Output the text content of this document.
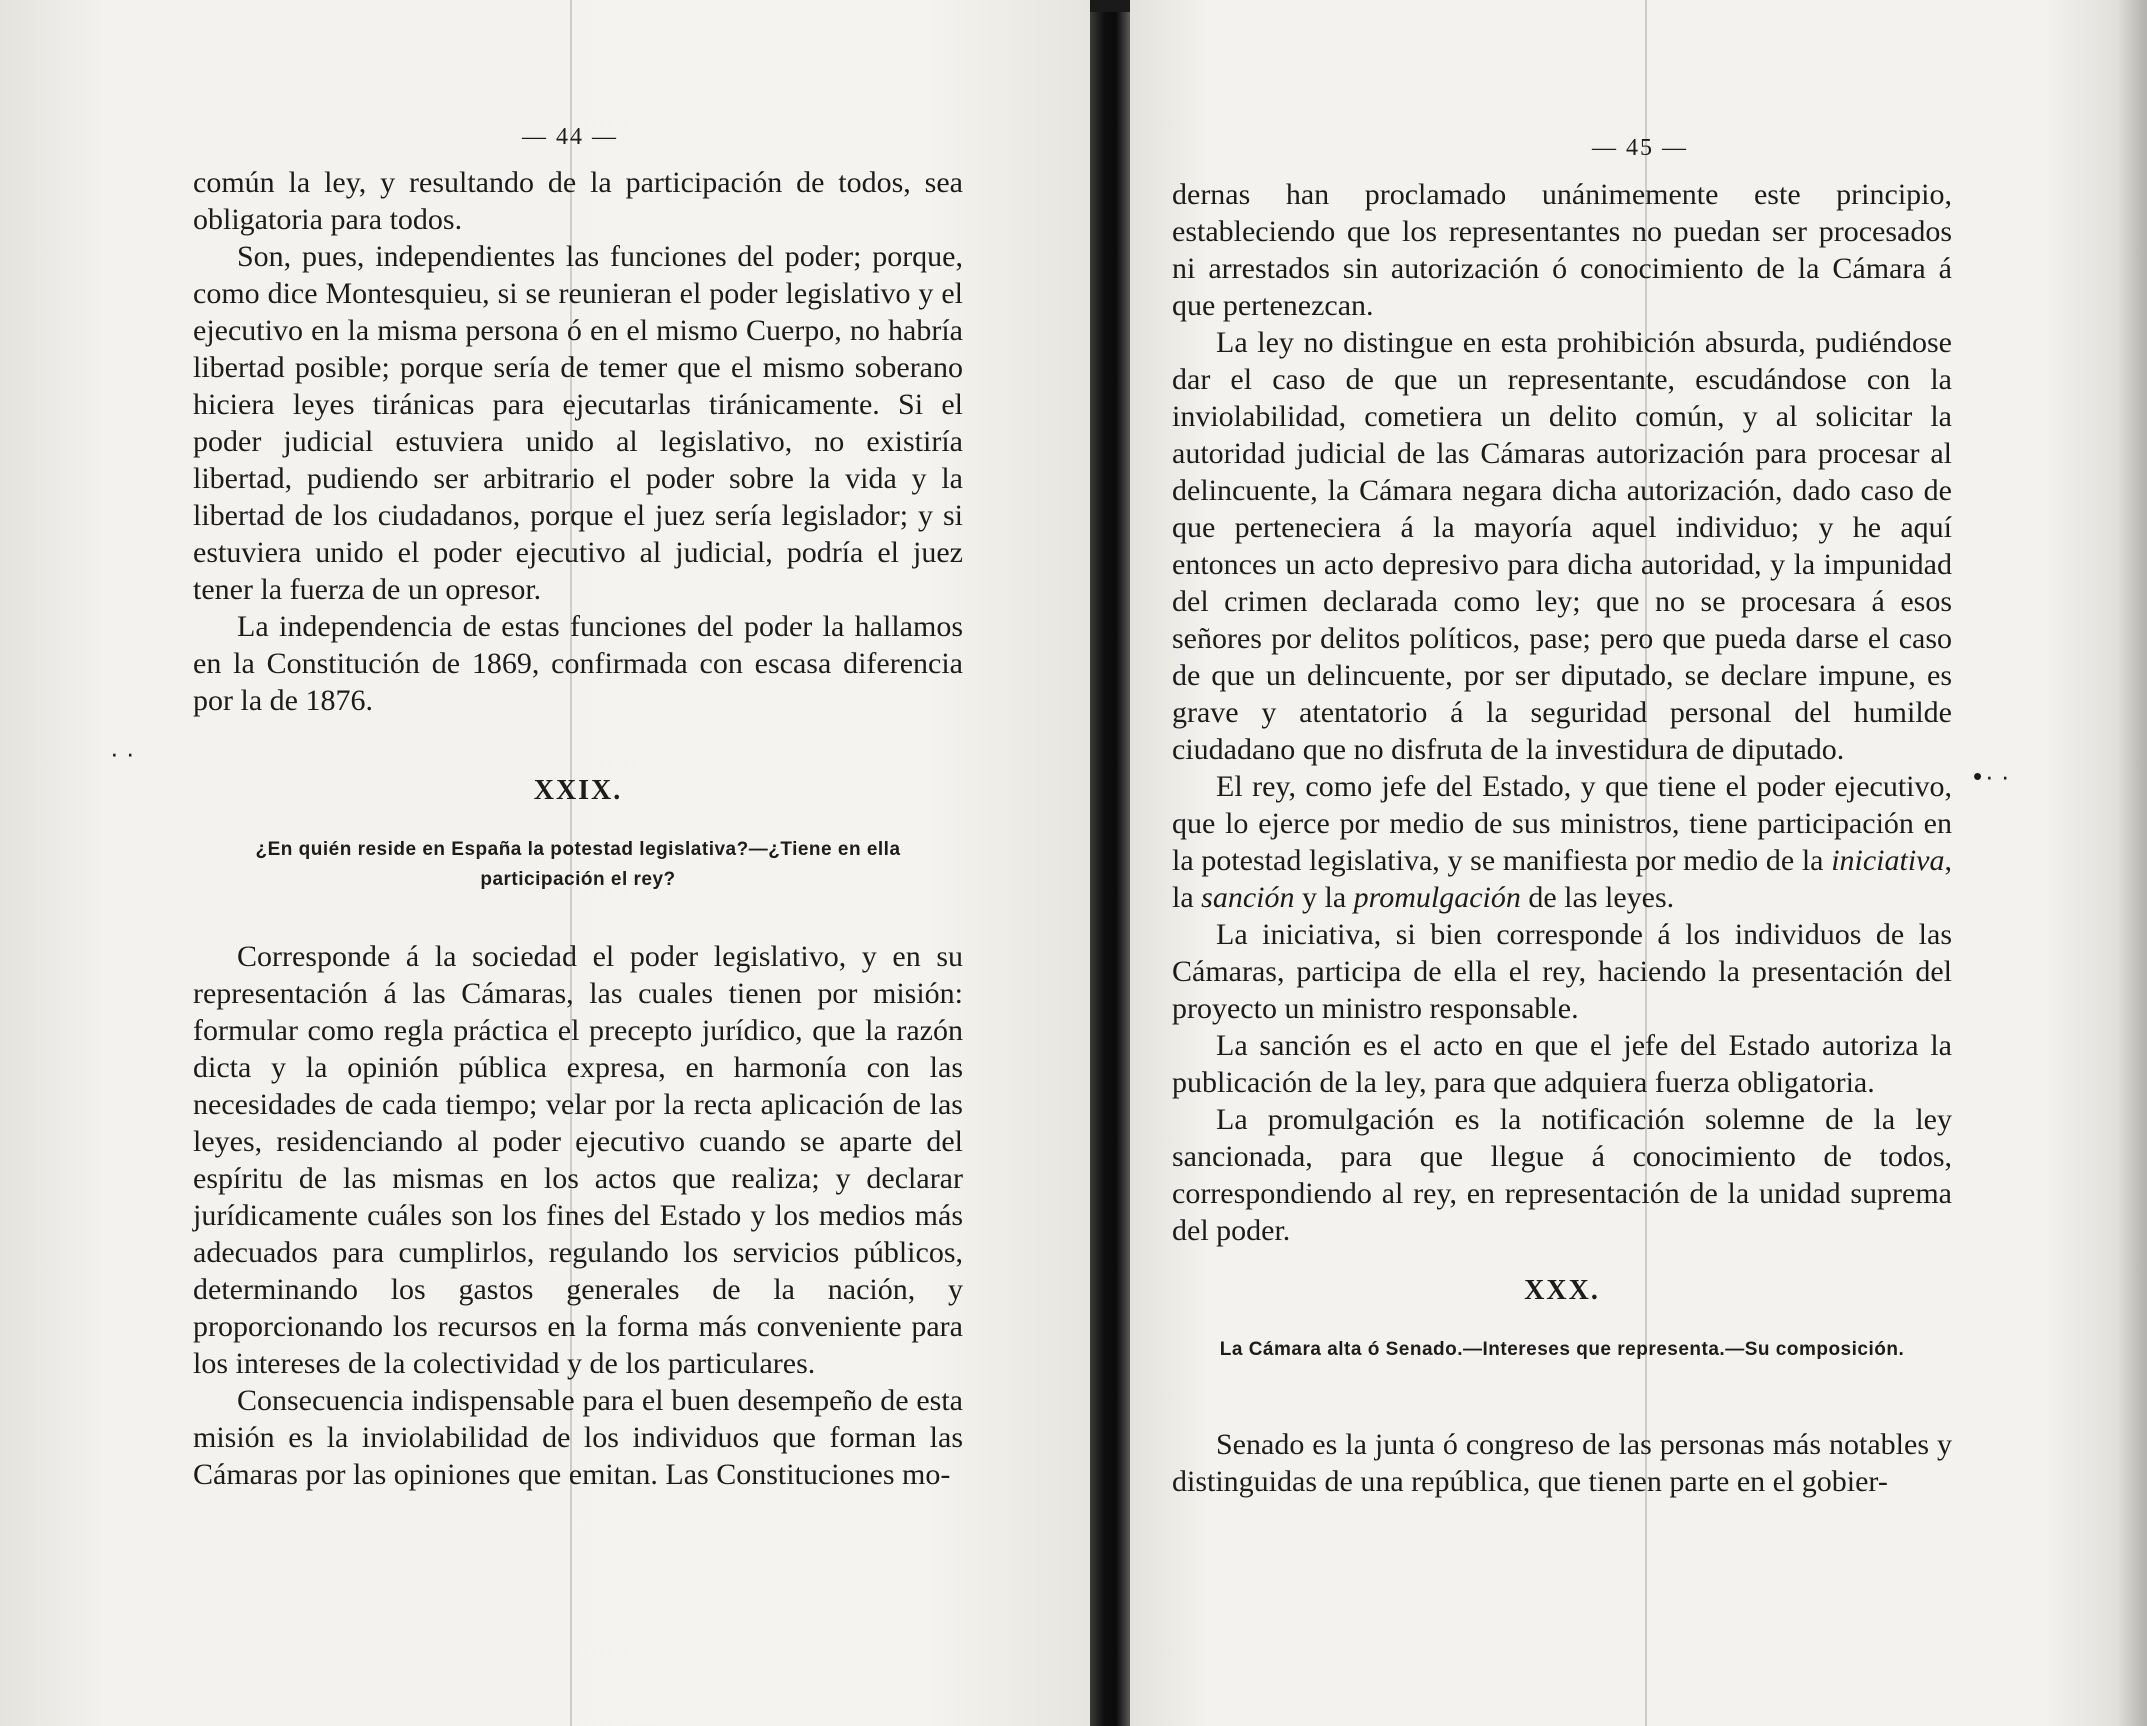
— 44 —

común la ley, y resultando de la participación de todos, sea obligatoria para todos.

Son, pues, independientes las funciones del poder; porque, como dice Montesquieu, si se reunieran el poder legislativo y el ejecutivo en la misma persona ó en el mismo Cuerpo, no habría libertad posible; porque sería de temer que el mismo soberano hiciera leyes tiránicas para ejecutarlas tiránicamente. Si el poder judicial estuviera unido al legislativo, no existiría libertad, pudiendo ser arbitrario el poder sobre la vida y la libertad de los ciudadanos, porque el juez sería legislador; y si estuviera unido el poder ejecutivo al judicial, podría el juez tener la fuerza de un opresor.

La independencia de estas funciones del poder la hallamos en la Constitución de 1869, confirmada con escasa diferencia por la de 1876.

XXIX.
¿En quién reside en España la potestad legislativa?—¿Tiene en ella participación el rey?

Corresponde á la sociedad el poder legislativo, y en su representación á las Cámaras, las cuales tienen por misión: formular como regla práctica el precepto jurídico, que la razón dicta y la opinión pública expresa, en harmonía con las necesidades de cada tiempo; velar por la recta aplicación de las leyes, residenciando al poder ejecutivo cuando se aparte del espíritu de las mismas en los actos que realiza; y declarar jurídicamente cuáles son los fines del Estado y los medios más adecuados para cumplirlos, regulando los servicios públicos, determinando los gastos generales de la nación, y proporcionando los recursos en la forma más conveniente para los intereses de la colectividad y de los particulares.

Consecuencia indispensable para el buen desempeño de esta misión es la inviolabilidad de los individuos que forman las Cámaras por las opiniones que emitan. Las Constituciones mo-

· ·
— 45 —

dernas han proclamado unánimemente este principio, estableciendo que los representantes no puedan ser procesados ni arrestados sin autorización ó conocimiento de la Cámara á que pertenezcan.

La ley no distingue en esta prohibición absurda, pudiéndose dar el caso de que un representante, escudándose con la inviolabilidad, cometiera un delito común, y al solicitar la autoridad judicial de las Cámaras autorización para procesar al delincuente, la Cámara negara dicha autorización, dado caso de que perteneciera á la mayoría aquel individuo; y he aquí entonces un acto depresivo para dicha autoridad, y la impunidad del crimen declarada como ley; que no se procesara á esos señores por delitos políticos, pase; pero que pueda darse el caso de que un delincuente, por ser diputado, se declare impune, es grave y atentatorio á la seguridad personal del humilde ciudadano que no disfruta de la investidura de diputado.

El rey, como jefe del Estado, y que tiene el poder ejecutivo, que lo ejerce por medio de sus ministros, tiene participación en la potestad legislativa, y se manifiesta por medio de la iniciativa, la sanción y la promulgación de las leyes.

La iniciativa, si bien corresponde á los individuos de las Cámaras, participa de ella el rey, haciendo la presentación del proyecto un ministro responsable.

La sanción es el acto en que el jefe del Estado autoriza la publicación de la ley, para que adquiera fuerza obligatoria.

La promulgación es la notificación solemne de la ley sancionada, para que llegue á conocimiento de todos, correspondiendo al rey, en representación de la unidad suprema del poder.

XXX.
La Cámara alta ó Senado.—Intereses que representa.—Su composición.

Senado es la junta ó congreso de las personas más notables y distinguidas de una república, que tienen parte en el gobier-

• · ·
